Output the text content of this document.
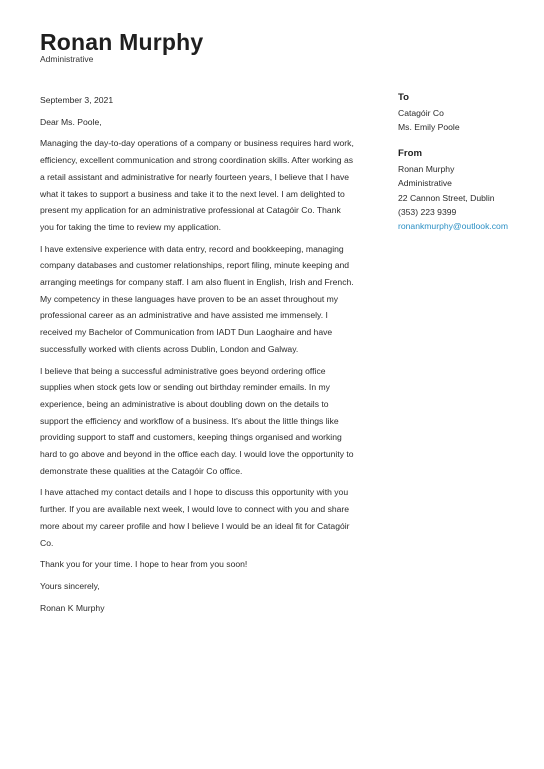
Ronan Murphy
Administrative

September 3, 2021

Dear Ms. Poole,

Managing the day-to-day operations of a company or business requires hard work, efficiency, excellent communication and strong coordination skills. After working as a retail assistant and administrative for nearly fourteen years, I believe that I have what it takes to support a business and take it to the next level. I am delighted to present my application for an administrative professional at Catagóir Co. Thank you for taking the time to review my application.

I have extensive experience with data entry, record and bookkeeping, managing company databases and customer relationships, report filing, minute keeping and arranging meetings for company staff. I am also fluent in English, Irish and French. My competency in these languages have proven to be an asset throughout my professional career as an administrative and have assisted me immensely. I received my Bachelor of Communication from IADT Dun Laoghaire and have successfully worked with clients across Dublin, London and Galway.

I believe that being a successful administrative goes beyond ordering office supplies when stock gets low or sending out birthday reminder emails. In my experience, being an administrative is about doubling down on the details to support the efficiency and workflow of a business. It's about the little things like providing support to staff and customers, keeping things organised and working hard to go above and beyond in the office each day. I would love the opportunity to demonstrate these qualities at the Catagóir Co office.

I have attached my contact details and I hope to discuss this opportunity with you further. If you are available next week, I would love to connect with you and share more about my career profile and how I believe I would be an ideal fit for Catagóir Co.

Thank you for your time. I hope to hear from you soon!

Yours sincerely,

Ronan K Murphy

To
Catagóir Co
Ms. Emily Poole
From
Ronan Murphy
Administrative
22 Cannon Street, Dublin
(353) 223 9399
ronankmurphy@outlook.com
